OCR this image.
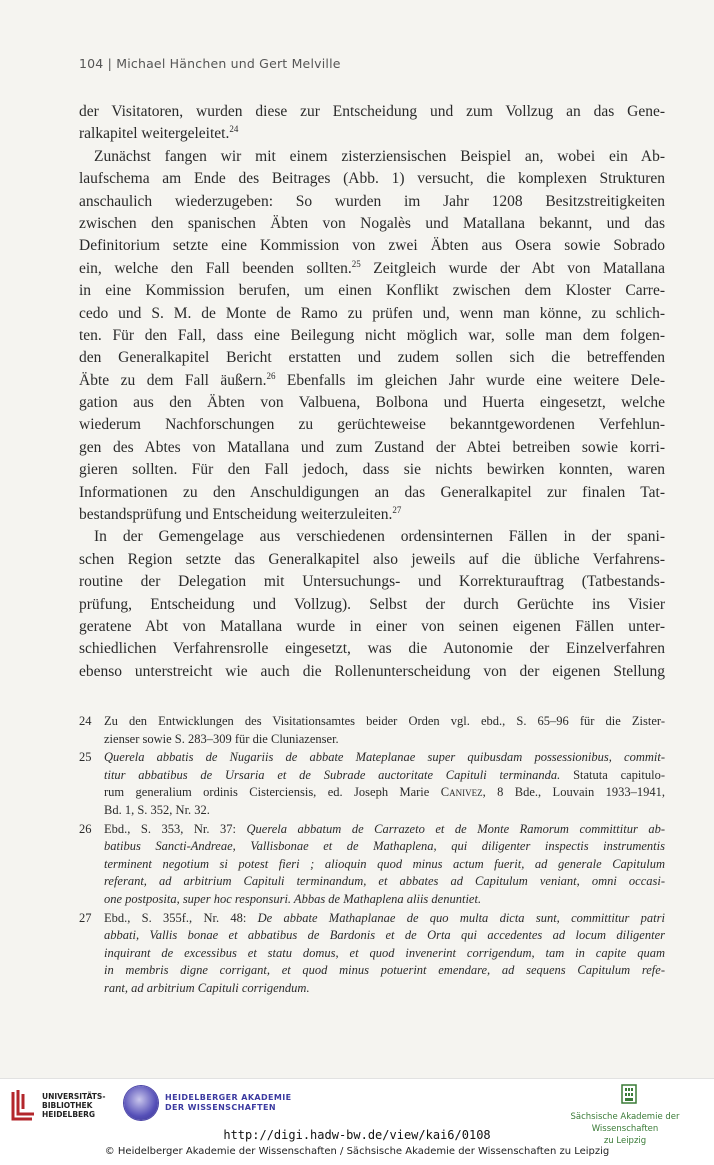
104 | Michael Hänchen und Gert Melville
der Visitatoren, wurden diese zur Entscheidung und zum Vollzug an das Gene-
ralkapitel weitergeleitet.$^{24}$
Zunächst fangen wir mit einem zisterziensischen Beispiel an, wobei ein Ab-
laufschema am Ende des Beitrages (Abb. 1) versucht, die komplexen Strukturen
anschaulich wiederzugeben: So wurden im Jahr 1208 Besitzstreitigkeiten
zwischen den spanischen Äbten von Nogalès und Matallana bekannt, und das
Definitorium setzte eine Kommission von zwei Äbten aus Osera sowie Sobrado
ein, welche den Fall beenden sollten.$^{25}$ Zeitgleich wurde der Abt von Matallana
in eine Kommission berufen, um einen Konflikt zwischen dem Kloster Carre-
cedo und S. M. de Monte de Ramo zu prüfen und, wenn man könne, zu schlich-
ten. Für den Fall, dass eine Beilegung nicht möglich war, solle man dem folgen-
den Generalkapitel Bericht erstatten und zudem sollen sich die betreffenden
Äbte zu dem Fall äußern.$^{26}$ Ebenfalls im gleichen Jahr wurde eine weitere Dele-
gation aus den Äbten von Valbuena, Bolbona und Huerta eingesetzt, welche
wiederum Nachforschungen zu gerüchteweise bekanntgewordenen Verfehlun-
gen des Abtes von Matallana und zum Zustand der Abtei betreiben sowie korri-
gieren sollten. Für den Fall jedoch, dass sie nichts bewirken konnten, waren
Informationen zu den Anschuldigungen an das Generalkapitel zur finalen Tat-
bestandsprüfung und Entscheidung weiterzuleiten.$^{27}$
In der Gemengelage aus verschiedenen ordensinternen Fällen in der spani-
schen Region setzte das Generalkapitel also jeweils auf die übliche Verfahrens-
routine der Delegation mit Untersuchungs- und Korrekturauftrag (Tatbestands-
prüfung, Entscheidung und Vollzug). Selbst der durch Gerüchte ins Visier
geratene Abt von Matallana wurde in einer von seinen eigenen Fällen unter-
schiedlichen Verfahrensrolle eingesetzt, was die Autonomie der Einzelverfahren
ebenso unterstreicht wie auch die Rollenunterscheidung von der eigenen Stellung
24 Zu den Entwicklungen des Visitationsamtes beider Orden vgl. ebd., S. 65–96 für die Zister-
zienser sowie S. 283–309 für die Cluniazenser.
25 Querela abbatis de Nugariis de abbate Mateplanae super quibusdam possessionibus, commit-
titur abbatibus de Ursaria et de Subrade auctoritate Capituli terminanda. Statuta capitulo-
rum generalium ordinis Cisterciensis, ed. Joseph Marie Canivez, 8 Bde., Louvain 1933–1941,
Bd. 1, S. 352, Nr. 32.
26 Ebd., S. 353, Nr. 37: Querela abbatum de Carrazeto et de Monte Ramorum committitur ab-
batibus Sancti-Andreae, Vallisbonae et de Mathaplena, qui diligenter inspectis instrumentis
terminent negotium si potest fieri ; alioquin quod minus actum fuerit, ad generale Capitulum
referant, ad arbitrium Capituli terminandum, et abbates ad Capitulum veniant, omni occasi-
one postposita, super hoc responsuri. Abbas de Mathaplena aliis denuntiet.
27 Ebd., S. 355f., Nr. 48: De abbate Mathaplanae de quo multa dicta sunt, committitur patri
abbati, Vallis bonae et abbatibus de Bardonis et de Orta qui accedentes ad locum diligenter
inquirant de excessibus et statu domus, et quod invenerint corrigendum, tam in capite quam
in membris digne corrigant, et quod minus potuerint emendare, ad sequens Capitulum refe-
rant, ad arbitrium Capituli corrigendum.
UNIVERSITÄTS-
BIBLIOTHEK
HEIDELBERG
HEIDELBERGER AKADEMIE
DER WISSENSCHAFTEN
Sächsische Akademie der Wissenschaften
zu Leipzig
http://digi.hadw-bw.de/view/kai6/0108
© Heidelberger Akademie der Wissenschaften / Sächsische Akademie der Wissenschaften zu Leipzig
